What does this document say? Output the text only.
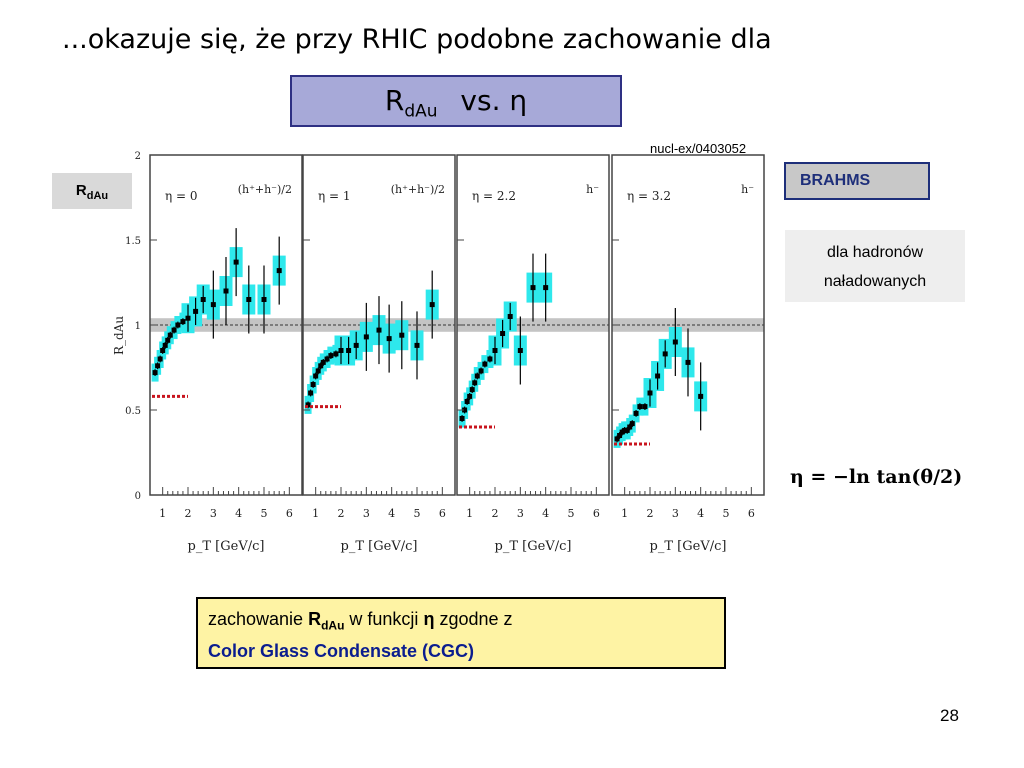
...okazuje się, że przy RHIC podobne zachowanie dla
$R_{dAu}$ vs. η
nucl-ex/0403052
$R_{dAu}$
BRAHMS
dla hadronów
naładowanych
η = −ln tan(θ/2)
R_dAu
0
0.5
1
1.5
2
1 2 3 4 5 6
p_T [GeV/c]
η = 0	(h⁺+h⁻)/2
1 2 3 4 5 6
p_T [GeV/c]
η = 1	(h⁺+h⁻)/2
1 2 3 4 5 6
p_T [GeV/c]
η = 2.2	h⁻
1 2 3 4 5 6
p_T [GeV/c]
η = 3.2	h⁻
zachowanie $R_{dAu}$ w funkcji η zgodne z
Color Glass Condensate (CGC)
28
